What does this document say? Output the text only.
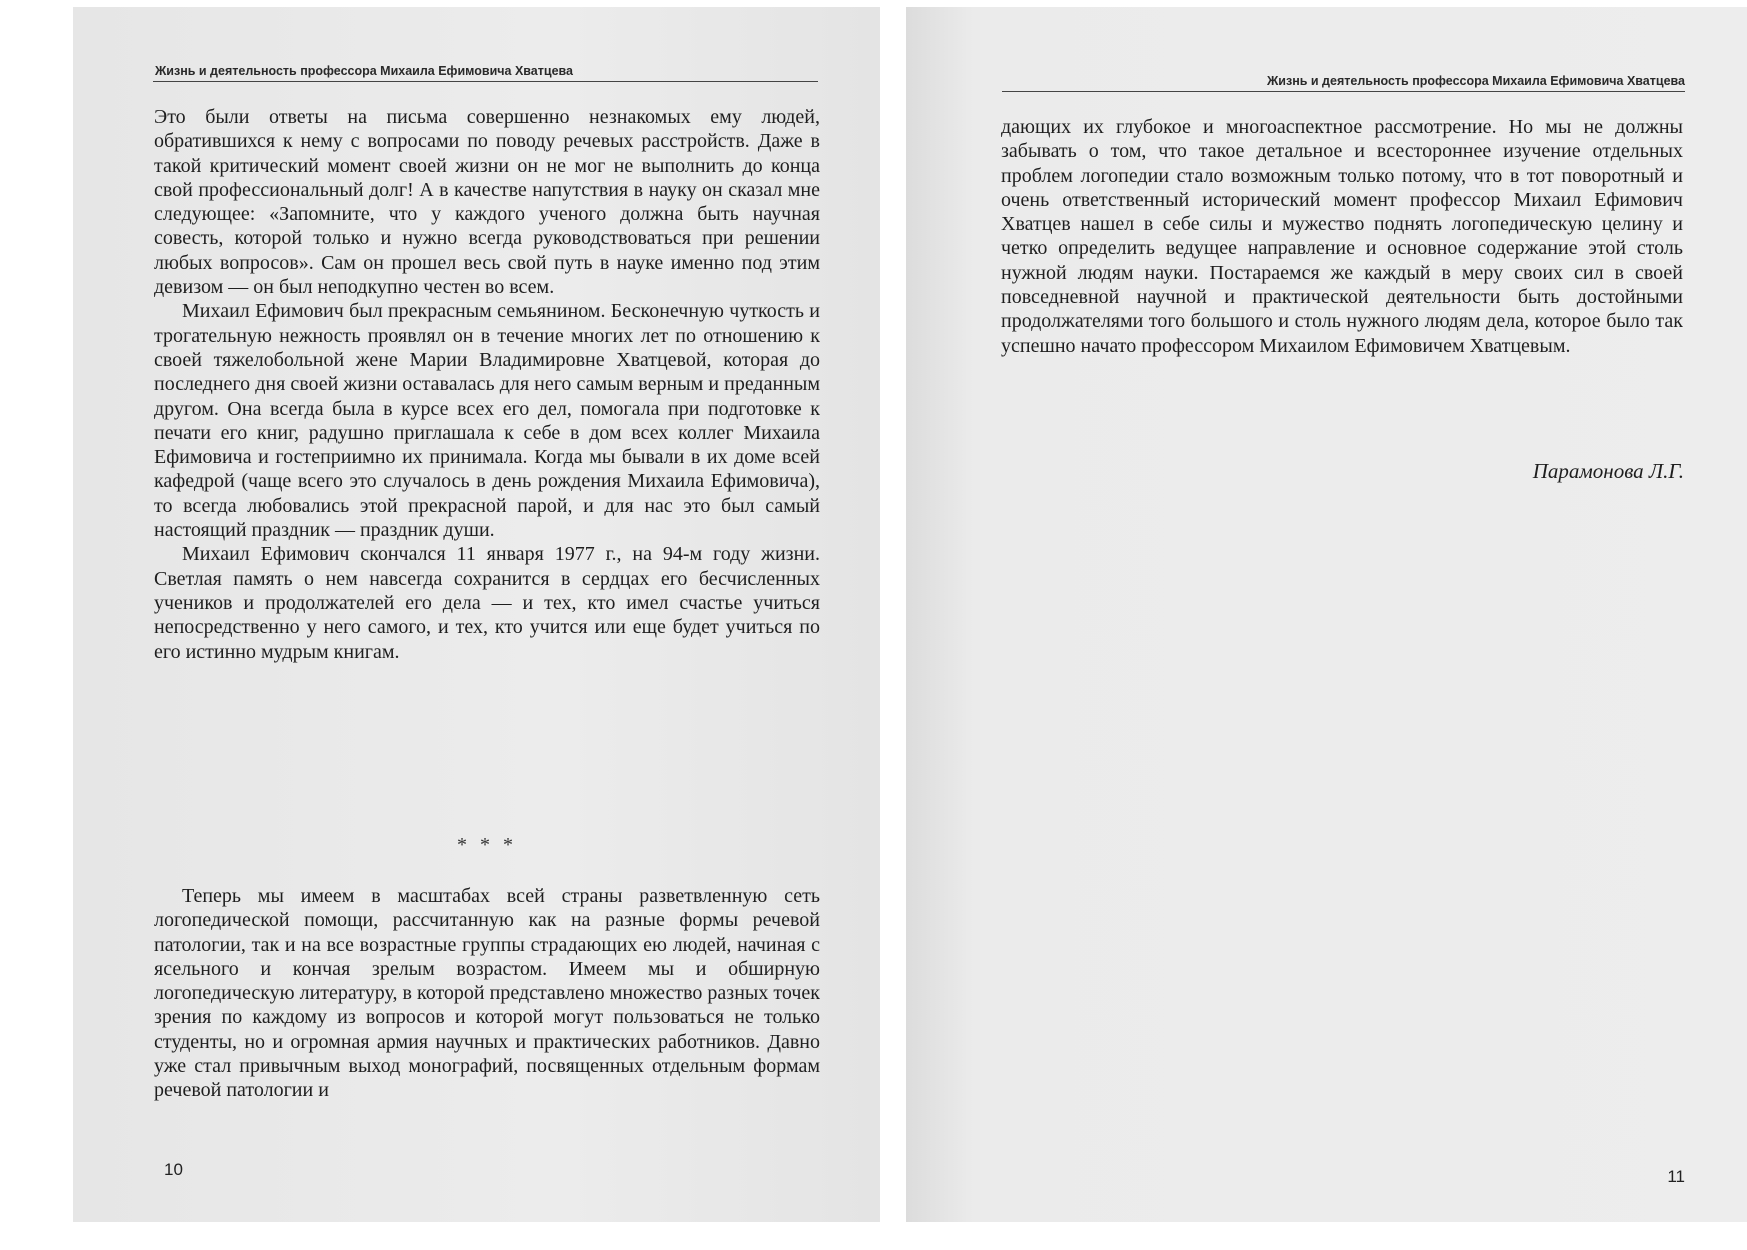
Жизнь и деятельность профессора Михаила Ефимовича Хватцева

Это были ответы на письма совершенно незнакомых ему людей, обратившихся к нему с вопросами по поводу речевых расстройств. Даже в такой критический момент своей жизни он не мог не выполнить до конца свой профессиональный долг! А в качестве напутствия в науку он сказал мне следующее: «Запомните, что у каждого ученого должна быть научная совесть, которой только и нужно всегда руководствоваться при решении любых вопросов». Сам он прошел весь свой путь в науке именно под этим девизом — он был неподкупно честен во всем.

Михаил Ефимович был прекрасным семьянином. Бесконечную чуткость и трогательную нежность проявлял он в течение многих лет по отношению к своей тяжелобольной жене Марии Владимировне Хватцевой, которая до последнего дня своей жизни оставалась для него самым верным и преданным другом. Она всегда была в курсе всех его дел, помогала при подготовке к печати его книг, радушно приглашала к себе в дом всех коллег Михаила Ефимовича и гостеприимно их принимала. Когда мы бывали в их доме всей кафедрой (чаще всего это случалось в день рождения Михаила Ефимовича), то всегда любовались этой прекрасной парой, и для нас это был самый настоящий праздник — праздник души.

Михаил Ефимович скончался 11 января 1977 г., на 94-м году жизни. Светлая память о нем навсегда сохранится в сердцах его бесчисленных учеников и продолжателей его дела — и тех, кто имел счастье учиться непосредственно у него самого, и тех, кто учится или еще будет учиться по его истинно мудрым книгам.

* * *

Теперь мы имеем в масштабах всей страны разветвленную сеть логопедической помощи, рассчитанную как на разные формы речевой патологии, так и на все возрастные группы страдающих ею людей, начиная с ясельного и кончая зрелым возрастом. Имеем мы и обширную логопедическую литературу, в которой представлено множество разных точек зрения по каждому из вопросов и которой могут пользоваться не только студенты, но и огромная армия научных и практических работников. Давно уже стал привычным выход монографий, посвященных отдельным формам речевой патологии и

10
Жизнь и деятельность профессора Михаила Ефимовича Хватцева

дающих их глубокое и многоаспектное рассмотрение. Но мы не должны забывать о том, что такое детальное и всестороннее изучение отдельных проблем логопедии стало возможным только потому, что в тот поворотный и очень ответственный исторический момент профессор Михаил Ефимович Хватцев нашел в себе силы и мужество поднять логопедическую целину и четко определить ведущее направление и основное содержание этой столь нужной людям науки. Постараемся же каждый в меру своих сил в своей повседневной научной и практической деятельности быть достойными продолжателями того большого и столь нужного людям дела, которое было так успешно начато профессором Михаилом Ефимовичем Хватцевым.

Парамонова Л.Г.
11
